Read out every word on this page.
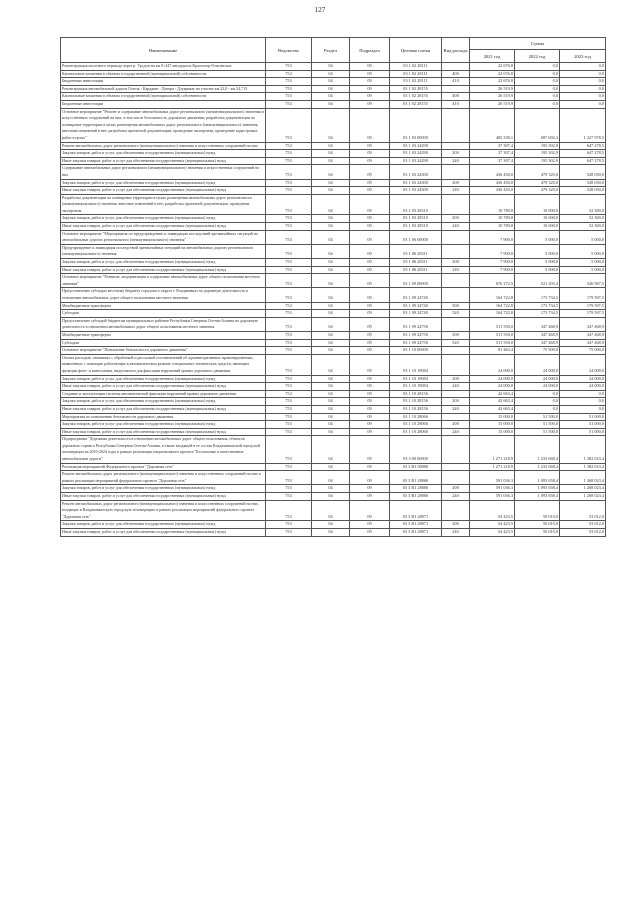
127
Наименование	Ведомство	Раздел	Подраздел	Целевая статья	Вид расхода	Сумма		
						2021 год	2022 год	2023 год
Реконструкция мостового перехода через р. Урсдон на км 0+247 автодороги Красногор-Ольгинское	753	04	09	03 1 02 28111		22 676,8	0,0	0,0
Капитальные вложения в объекты государственной (муниципальной) собственности	753	04	09	03 1 02 28111	400	22 676,8	0,0	0,0
Бюджетные инвестиции	753	04	09	03 1 02 28111	410	22 676,8	0,0	0,0
Реконструкция автомобильной дороги Гизель - Карджин - Дигора - Дзуарикау на участке км 22,0 - км 54,713	753	04	09	03 1 02 28155		26 519,9	0,0	0,0
Капитальные вложения в объекты государственной (муниципальной) собственности	753	04	09	03 1 02 28155	400	26 519,9	0,0	0,0
Бюджетные инвестиции	753	04	09	03 1 02 28155	410	26 519,9	0,0	0,0
Основное мероприятие "Ремонт и содержание автомобильных дорог регионального (межмуниципального) значения и искусственных сооружений на них, в том числе безопасность дорожного движения; разработка документации по планировке территории в целях размещения автомобильных дорог регионального (межмуниципального) значения, внесение изменений в нее; разработка проектной документации, проведение экспертизы, проведение кадастровых работ в целях"	753	04	09	03 1 03 00000		485 338,1	687 692,3	1 227 978,5
Ремонт автомобильных дорог регионального (межмуниципального) значения и искусственных сооружений на них	753	04	09	03 1 03 24290		37 307,4	195 302,9	647 278,5
Закупка товаров, работ и услуг для обеспечения государственных (муниципальных) нужд	753	04	09	03 1 03 24290	200	37 307,4	195 302,9	647 278,5
Иные закупки товаров, работ и услуг для обеспечения государственных (муниципальных) нужд	753	04	09	03 1 03 24290	240	37 307,4	195 302,9	647 278,5
Содержание автомобильных дорог регионального (межмуниципального) значения и искусственных сооружений на них	753	04	09	03 1 03 24300		436 450,0	479 320,0	528 050,0
Закупка товаров, работ и услуг для обеспечения государственных (муниципальных) нужд	753	04	09	03 1 03 24300	200	436 450,0	479 320,0	528 050,0
Иные закупки товаров, работ и услуг для обеспечения государственных (муниципальных) нужд	753	04	09	03 1 03 24300	240	436 450,0	479 320,0	528 050,0
Разработка документации по планировке территории в целях размещения автомобильных дорог регионального (межмуниципального) значения, внесение изменений в нее; разработка проектной документации, проведение экспертизы	753	04	09	03 1 03 28310		10 780,8	10 000,0	52 300,0
Закупка товаров, работ и услуг для обеспечения государственных (муниципальных) нужд	753	04	09	03 1 03 28310	200	10 780,8	10 000,0	52 300,0
Иные закупки товаров, работ и услуг для обеспечения государственных (муниципальных) нужд	753	04	09	03 1 03 28310	240	10 780,8	10 000,0	52 300,0
Основное мероприятие "Мероприятия по предупреждению и ликвидации последствий чрезвычайных ситуаций на автомобильных дорогах регионального (межмуниципального) значения"	753	04	09	03 1 06 00000		7 900,0	5 000,0	5 000,0
Предупреждение и ликвидация последствий чрезвычайных ситуаций на автомобильных дорогах регионального (межмуниципального) значения	753	04	09	03 1 06 28311		7 900,0	5 000,0	5 000,0
Закупка товаров, работ и услуг для обеспечения государственных (муниципальных) нужд	753	04	09	03 1 06 28311	200	7 900,0	5 000,0	5 000,0
Иные закупки товаров, работ и услуг для обеспечения государственных (муниципальных) нужд	753	04	09	03 1 06 28311	240	7 900,0	5 000,0	5 000,0
Основное мероприятие "Развитие, модернизация и содержание автомобильных дорог общего пользования местного значения"	753	04	09	03 1 09 00000		676 272,5	521 203,4	526 967,5
Предоставление субсидии местному бюджету городского округа г. Владикавказ на дорожную деятельность в отношении автомобильных дорог общего пользования местного значения	753	04	09	03 1 09 24740		164 722,8	173 734,5	179 597,5
Межбюджетные трансферты	753	04	09	03 1 09 24740	500	164 722,8	173 734,5	179 597,5
Субсидии	753	04	09	03 1 09 24740	520	164 722,8	173 734,5	179 597,5
Предоставление субсидий бюджетам муниципальных районов Республики Северная Осетия-Алания на дорожную деятельность в отношении автомобильных дорог общего пользования местного значения	753	04	09	03 1 09 24750		511 550,0	347 468,9	347 468,9
Межбюджетные трансферты	753	04	09	03 1 09 24750	500	511 550,0	347 468,9	347 468,9
Субсидии	753	04	09	03 1 09 24750	520	511 550,0	347 468,9	347 468,9
Основное мероприятие "Повышение безопасности дорожного движения"	753	04	09	03 1 10 00000		81 463,4	75 500,0	75 000,0
Оплата расходов, связанных с обработкой и рассылкой постановлений об административных правонарушениях, выявленных с помощью работающих в автоматическом режиме специальных технических средств, имеющих функции фото- и киносъемки, видеозаписи для фиксации нарушений правил дорожного движения	753	04	09	03 1 10 19084		24 000,0	24 000,0	24 000,0
Закупка товаров, работ и услуг для обеспечения государственных (муниципальных) нужд	753	04	09	03 1 10 19084	200	24 000,0	24 000,0	24 000,0
Иные закупки товаров, работ и услуг для обеспечения государственных (муниципальных) нужд	753	04	09	03 1 10 19084	240	24 000,0	24 000,0	24 000,0
Создание и эксплуатация системы автоматической фиксации нарушений правил дорожного движения	753	04	09	03 1 10 28156		42 663,4	0,0	0,0
Закупка товаров, работ и услуг для обеспечения государственных (муниципальных) нужд	753	04	09	03 1 10 28156	200	42 663,4	0,0	0,0
Иные закупки товаров, работ и услуг для обеспечения государственных (муниципальных) нужд	753	04	09	03 1 10 28156	240	42 663,4	0,0	0,0
Мероприятия по повышению безопасности дорожного движения	753	04	09	03 1 10 28066		15 000,0	51 500,0	51 000,0
Закупка товаров, работ и услуг для обеспечения государственных (муниципальных) нужд	753	04	09	03 1 10 28066	200	15 000,0	51 500,0	51 000,0
Иные закупки товаров, работ и услуг для обеспечения государственных (муниципальных) нужд	753	04	09	03 1 10 28066	240	15 000,0	51 500,0	51 000,0
Подпрограмма "Дорожная деятельность в отношении автомобильных дорог общего пользования, объектов дорожного сервиса Республики Северная Осетия-Алания, в также входящей в ее состав Владикавказской городской агломерации на 2019-2024 годы в рамках реализации национального проекта "Безопасные и качественные автомобильные дороги"	753	04	09	03 3 00 00000		1 271 218,9	1 233 668,4	1 382 023,4
Реализация мероприятий Федерального проекта "Дорожная сеть"	753	04	09	03 3 R1 00000		1 271 218,9	1 233 668,4	1 382 023,4
Ремонт автомобильных дорог регионального (межмуниципального) значения и искусственных сооружений на них в рамках реализации мероприятий федерального проекта "Дорожная сеть"	753	04	09	03 3 R1 28060		591 036,3	1 093 658,4	1 268 023,4
Закупка товаров, работ и услуг для обеспечения государственных (муниципальных) нужд	753	04	09	03 3 R1 28060	200	591 036,3	1 093 658,4	1 268 023,4
Иные закупки товаров, работ и услуг для обеспечения государственных (муниципальных) нужд	753	04	09	03 3 R1 28060	240	591 036,3	1 093 658,4	1 268 023,4
Ремонт автомобильных дорог регионального (межмуниципального) значения и искусственных сооружений на них, входящих в Владикавказскую городскую агломерацию в рамках реализации мероприятий федерального проекта "Дорожная сеть"	753	04	09	03 3 R1 28071		54 423,5	50 010,0	53 012,0
Закупка товаров, работ и услуг для обеспечения государственных (муниципальных) нужд	753	04	09	03 3 R1 28071	200	54 423,5	50 010,0	53 012,0
Иные закупки товаров, работ и услуг для обеспечения государственных (муниципальных) нужд	753	04	09	03 3 R1 28071	240	54 423,5	50 010,0	53 012,0
